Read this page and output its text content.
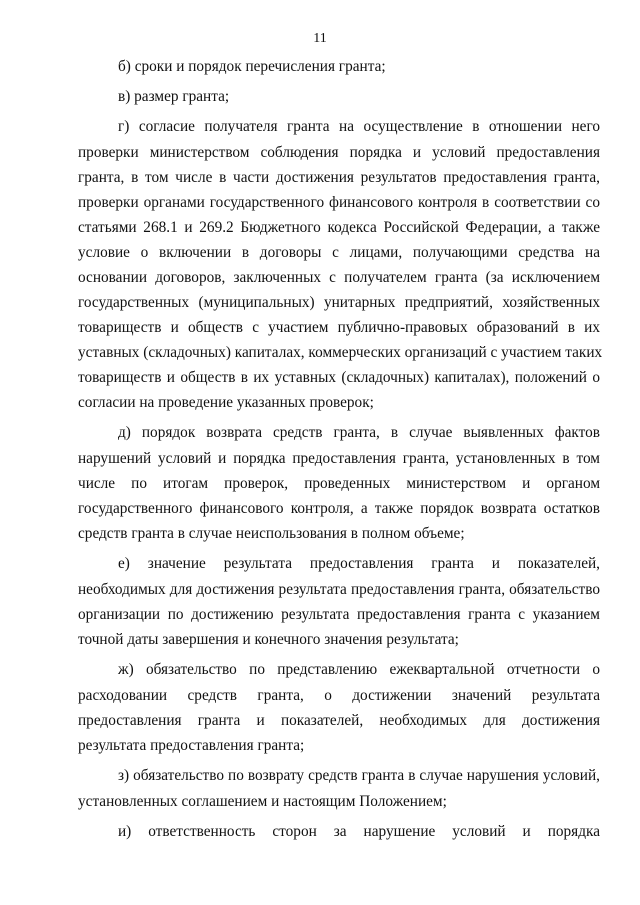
11
б) сроки и порядок перечисления гранта;
в) размер гранта;
г) согласие получателя гранта на осуществление в отношении него
проверки министерством соблюдения порядка и условий предоставления
гранта, в том числе в части достижения результатов предоставления гранта,
проверки органами государственного финансового контроля в соответствии со
статьями 268.1 и 269.2 Бюджетного кодекса Российской Федерации, а также
условие о включении в договоры с лицами, получающими средства на
основании договоров, заключенных с получателем гранта (за исключением
государственных (муниципальных) унитарных предприятий, хозяйственных
товариществ и обществ с участием публично-правовых образований в их
уставных (складочных) капиталах, коммерческих организаций с участием таких
товариществ и обществ в их уставных (складочных) капиталах), положений о
согласии на проведение указанных проверок;
д) порядок возврата средств гранта, в случае выявленных фактов
нарушений условий и порядка предоставления гранта, установленных в том
числе по итогам проверок, проведенных министерством и органом
государственного финансового контроля, а также порядок возврата остатков
средств гранта в случае неиспользования в полном объеме;
е) значение результата предоставления гранта и показателей,
необходимых для достижения результата предоставления гранта, обязательство
организации по достижению результата предоставления гранта с указанием
точной даты завершения и конечного значения результата;
ж) обязательство по представлению ежеквартальной отчетности о
расходовании средств гранта, о достижении значений результата
предоставления гранта и показателей, необходимых для достижения
результата предоставления гранта;
з) обязательство по возврату средств гранта в случае нарушения условий,
установленных соглашением и настоящим Положением;
и) ответственность сторон за нарушение условий и порядка
